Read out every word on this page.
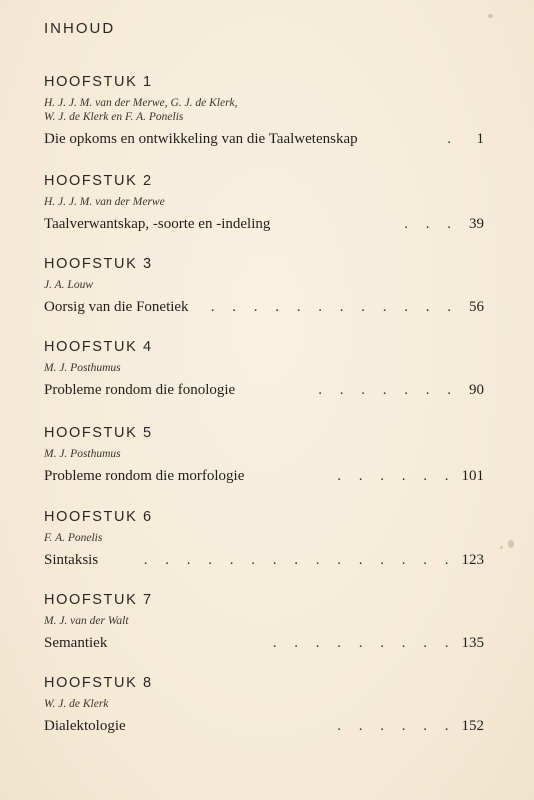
INHOUD
HOOFSTUK 1
H. J. J. M. van der Merwe, G. J. de Klerk,
W. J. de Klerk en F. A. Ponelis
Die opkoms en ontwikkeling van die Taalwetenskap	.	1
HOOFSTUK 2
H. J. J. M. van der Merwe
Taalverwantskap, -soorte en -indeling	. . . 39
HOOFSTUK 3
J. A. Louw
Oorsig van die Fonetiek	. . . . . . . . . . . . 56
HOOFSTUK 4
M. J. Posthumus
Probleme rondom die fonologie	. . . . . . . 90
HOOFSTUK 5
M. J. Posthumus
Probleme rondom die morfologie	. . . . . . 101
HOOFSTUK 6
F. A. Ponelis
Sintaksis	. . . . . . . . . . . . . . . 123
HOOFSTUK 7
M. J. van der Walt
Semantiek	. . . . . . . . . 135
HOOFSTUK 8
W. J. de Klerk
Dialektologie	. . . . . . 152
